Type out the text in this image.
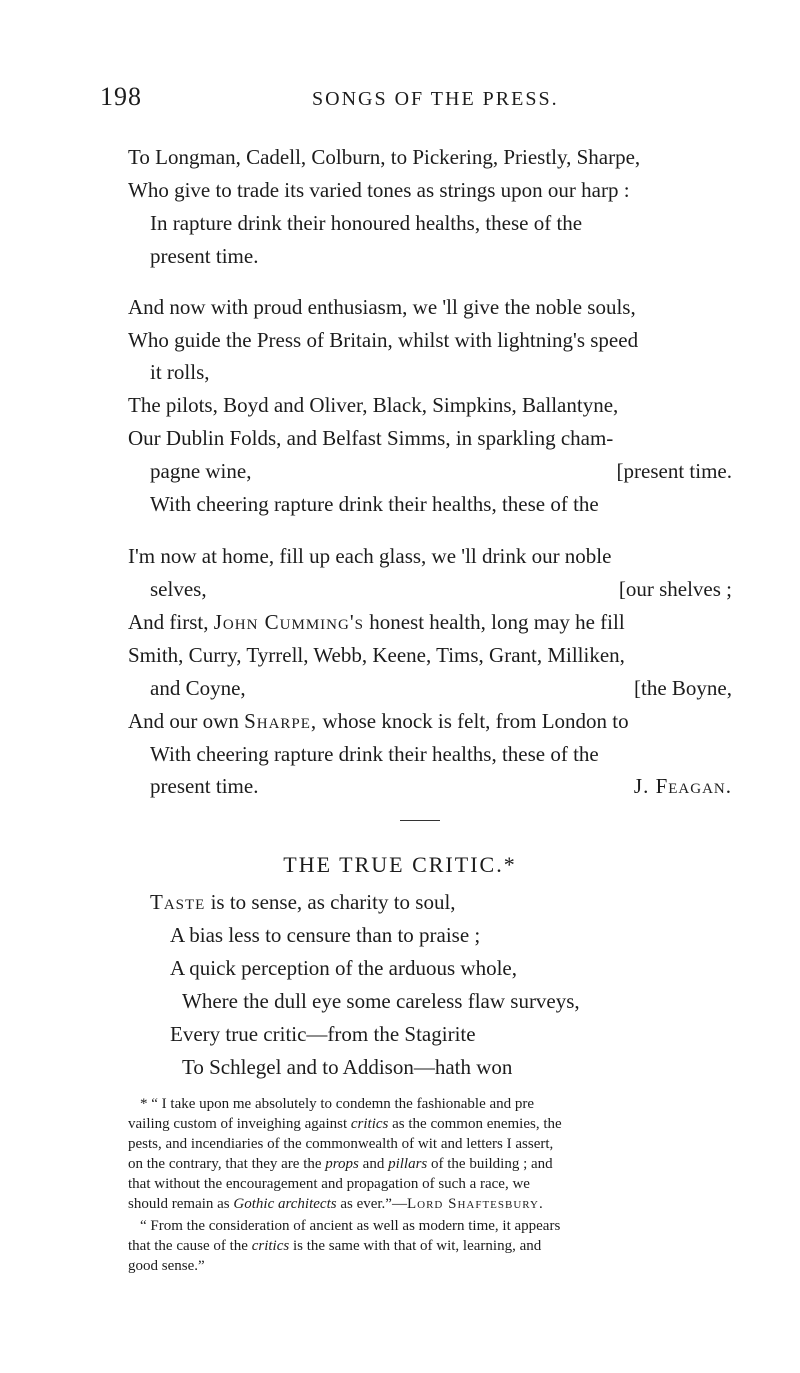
198	SONGS OF THE PRESS.
To Longman, Cadell, Colburn, to Pickering, Priestly, Sharpe,
Who give to trade its varied tones as strings upon our harp :
In rapture drink their honoured healths, these of the
present time.
And now with proud enthusiasm, we 'll give the noble souls,
Who guide the Press of Britain, whilst with lightning's speed
it rolls,
The pilots, Boyd and Oliver, Black, Simpkins, Ballantyne,
Our Dublin Folds, and Belfast Simms, in sparkling cham-
pagne wine,	[present time.
With cheering rapture drink their healths, these of the
I'm now at home, fill up each glass, we 'll drink our noble
selves,	[our shelves ;
And first, John Cumming's honest health, long may he fill
Smith, Curry, Tyrrell, Webb, Keene, Tims, Grant, Milliken,
and Coyne,	[the Boyne,
And our own Sharpe, whose knock is felt, from London to
With cheering rapture drink their healths, these of the
present time.	J. Feagan.
THE TRUE CRITIC.*
Taste is to sense, as charity to soul,
A bias less to censure than to praise ;
A quick perception of the arduous whole,
Where the dull eye some careless flaw surveys,
Every true critic—from the Stagirite
To Schlegel and to Addison—hath won
* “ I take upon me absolutely to condemn the fashionable and pre
vailing custom of inveighing against critics as the common enemies, the
pests, and incendiaries of the commonwealth of wit and letters I assert,
on the contrary, that they are the props and pillars of the building ; and
that without the encouragement and propagation of such a race, we
should remain as Gothic architects as ever.”—Lord Shaftesbury.
“ From the consideration of ancient as well as modern time, it appears
that the cause of the critics is the same with that of wit, learning, and
good sense.”
